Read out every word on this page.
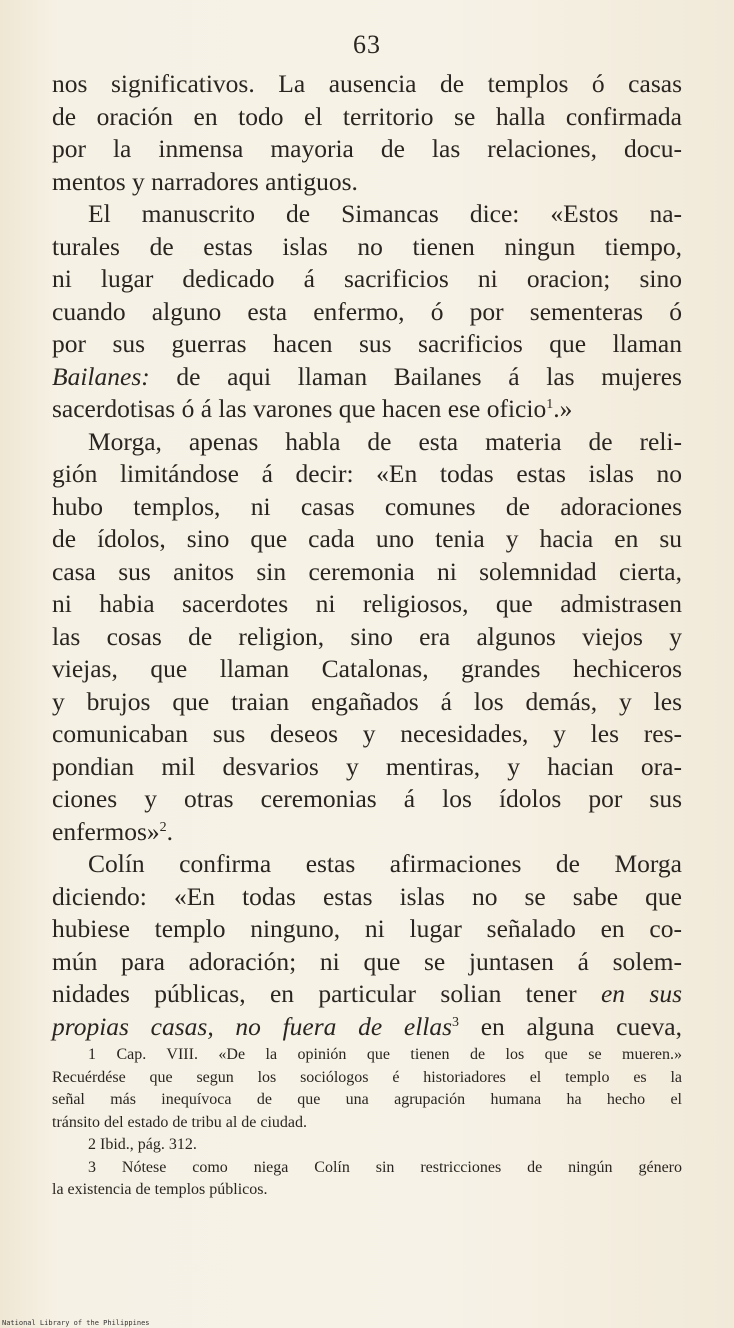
63
nos significativos. La ausencia de templos ó casas
de oración en todo el territorio se halla confirmada
por la inmensa mayoria de las relaciones, docu-
mentos y narradores antiguos.
El manuscrito de Simancas dice: «Estos na-
turales de estas islas no tienen ningun tiempo,
ni lugar dedicado á sacrificios ni oracion; sino
cuando alguno esta enfermo, ó por sementeras ó
por sus guerras hacen sus sacrificios que llaman
Bailanes: de aqui llaman Bailanes á las mujeres
sacerdotisas ó á las varones que hacen ese oficio$^1$.»
Morga, apenas habla de esta materia de reli-
gión limitándose á decir: «En todas estas islas no
hubo templos, ni casas comunes de adoraciones
de ídolos, sino que cada uno tenia y hacia en su
casa sus anitos sin ceremonia ni solemnidad cierta,
ni habia sacerdotes ni religiosos, que admistrasen
las cosas de religion, sino era algunos viejos y
viejas, que llaman Catalonas, grandes hechiceros
y brujos que traian engañados á los demás, y les
comunicaban sus deseos y necesidades, y les res-
pondian mil desvarios y mentiras, y hacian ora-
ciones y otras ceremonias á los ídolos por sus
enfermos»$^2$.
Colín confirma estas afirmaciones de Morga
diciendo: «En todas estas islas no se sabe que
hubiese templo ninguno, ni lugar señalado en co-
mún para adoración; ni que se juntasen á solem-
nidades públicas, en particular solian tener en sus
propias casas, no fuera de ellas$^3$ en alguna cueva,
1 Cap. VIII. «De la opinión que tienen de los que se mueren.»
Recuérdése que segun los sociólogos é historiadores el templo es la
señal más inequívoca de que una agrupación humana ha hecho el
tránsito del estado de tribu al de ciudad.
2 Ibid., pág. 312.
3 Nótese como niega Colín sin restricciones de ningún género
la existencia de templos públicos.
National Library of the Philippines
